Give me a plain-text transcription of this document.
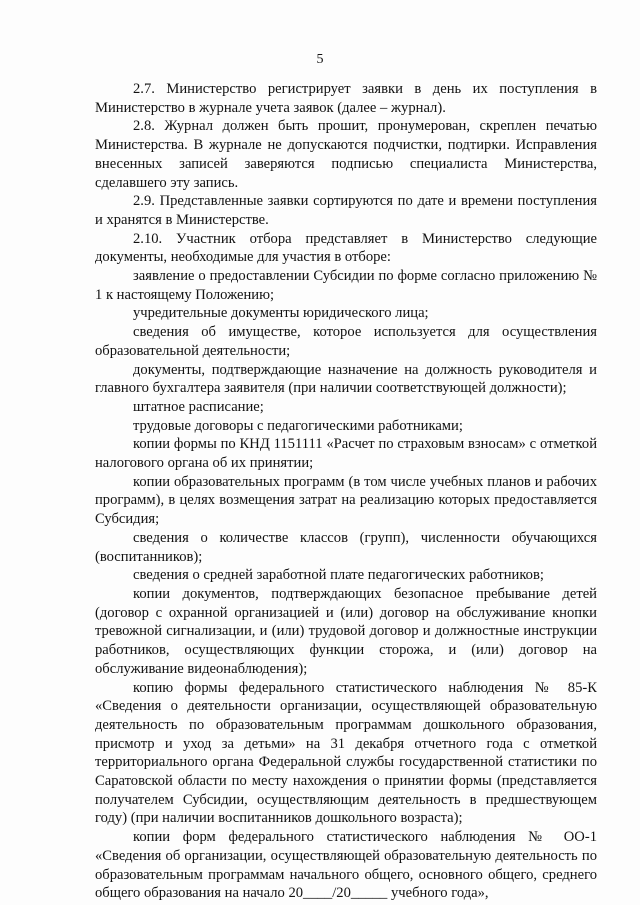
5

2.7. Министерство регистрирует заявки в день их поступления в Министерство в журнале учета заявок (далее – журнал).

2.8. Журнал должен быть прошит, пронумерован, скреплен печатью Министерства. В журнале не допускаются подчистки, подтирки. Исправления внесенных записей заверяются подписью специалиста Министерства, сделавшего эту запись.

2.9. Представленные заявки сортируются по дате и времени поступления и хранятся в Министерстве.

2.10. Участник отбора представляет в Министерство следующие документы, необходимые для участия в отборе:

заявление о предоставлении Субсидии по форме согласно приложению № 1 к настоящему Положению;

учредительные документы юридического лица;

сведения об имуществе, которое используется для осуществления образовательной деятельности;

документы, подтверждающие назначение на должность руководителя и главного бухгалтера заявителя (при наличии соответствующей должности);

штатное расписание;

трудовые договоры с педагогическими работниками;

копии формы по КНД 1151111 «Расчет по страховым взносам» с отметкой налогового органа об их принятии;

копии образовательных программ (в том числе учебных планов и рабочих программ), в целях возмещения затрат на реализацию которых предоставляется Субсидия;

сведения о количестве классов (групп), численности обучающихся (воспитанников);

сведения о средней заработной плате педагогических работников;

копии документов, подтверждающих безопасное пребывание детей (договор с охранной организацией и (или) договор на обслуживание кнопки тревожной сигнализации, и (или) трудовой договор и должностные инструкции работников, осуществляющих функции сторожа, и (или) договор на обслуживание видеонаблюдения);

копию формы федерального статистического наблюдения № 85-К «Сведения о деятельности организации, осуществляющей образовательную деятельность по образовательным программам дошкольного образования, присмотр и уход за детьми» на 31 декабря отчетного года с отметкой территориального органа Федеральной службы государственной статистики по Саратовской области по месту нахождения о принятии формы (представляется получателем Субсидии, осуществляющим деятельность в предшествующем году) (при наличии воспитанников дошкольного возраста);

копии форм федерального статистического наблюдения № ОО-1 «Сведения об организации, осуществляющей образовательную деятельность по образовательным программам начального общего, основного общего, среднего общего образования на начало 20____/20_____ учебного года»,
